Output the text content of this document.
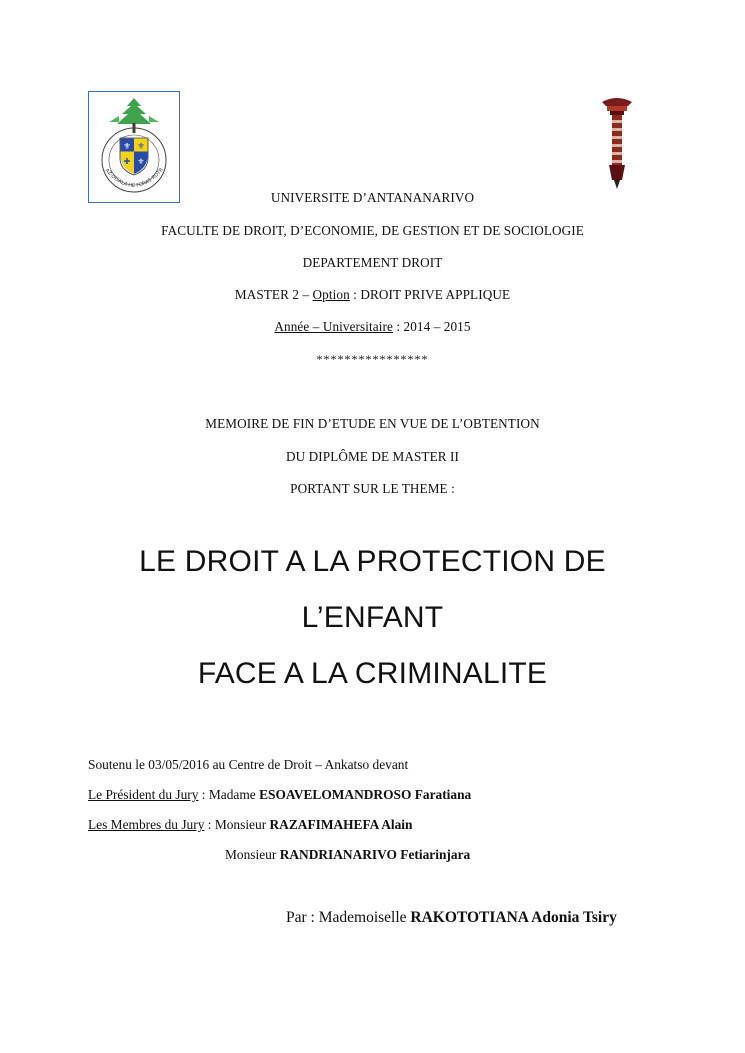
⚜ ⚜
✚ ⚜
AZ-DISALA HE FORAS-ROTR
UNIVERSITE D’ANTANANARIVO
FACULTE DE DROIT, D’ECONOMIE, DE GESTION ET DE SOCIOLOGIE
DEPARTEMENT DROIT
MASTER 2 – Option : DROIT PRIVE APPLIQUE
Année – Universitaire : 2014 – 2015
****************
MEMOIRE DE FIN D’ETUDE EN VUE DE L’OBTENTION
DU DIPLÔME DE MASTER II
PORTANT SUR LE THEME :
LE DROIT A LA PROTECTION DE
L’ENFANT
FACE A LA CRIMINALITE
Soutenu le 03/05/2016 au Centre de Droit – Ankatso devant
Le Président du Jury : Madame ESOAVELOMANDROSO Faratiana
Les Membres du Jury : Monsieur RAZAFIMAHEFA Alain
Monsieur RANDRIANARIVO Fetiarinjara
Par : Mademoiselle RAKOTOTIANA Adonia Tsiry
